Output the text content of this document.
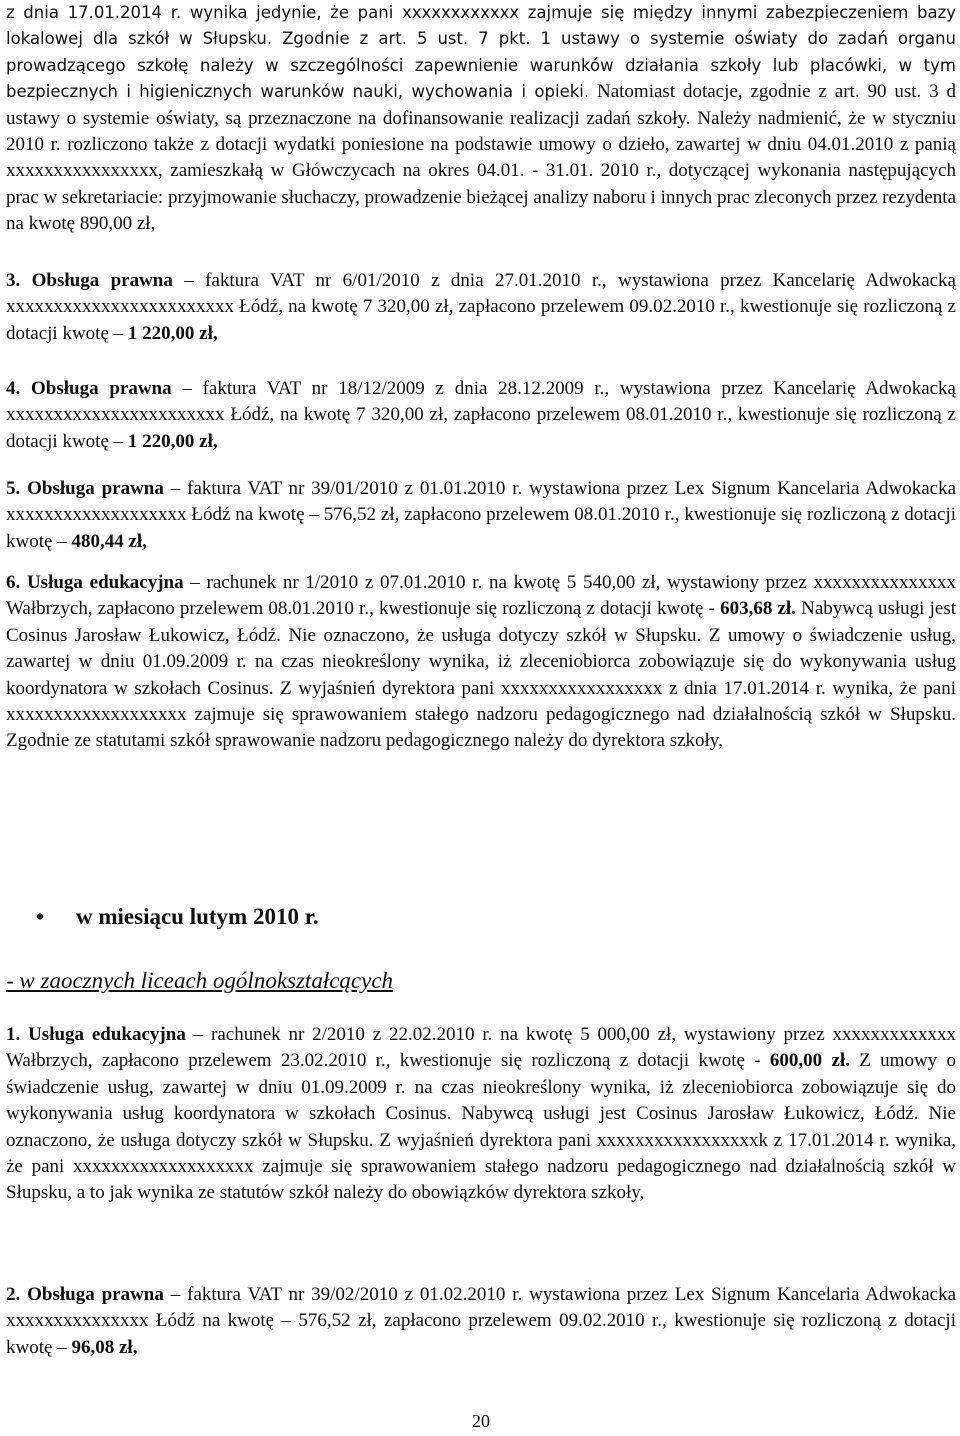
z dnia 17.01.2014 r. wynika jedynie, że pani xxxxxxxxxxxx zajmuje się między innymi zabezpieczeniem bazy lokalowej dla szkół w Słupsku. Zgodnie z art. 5 ust. 7 pkt. 1 ustawy o systemie oświaty do zadań organu prowadzącego szkołę należy w szczególności zapewnienie warunków działania szkoły lub placówki, w tym bezpiecznych i higienicznych warunków nauki, wychowania i opieki. Natomiast dotacje, zgodnie z art. 90 ust. 3 d ustawy o systemie oświaty, są przeznaczone na dofinansowanie realizacji zadań szkoły. Należy nadmienić, że w styczniu 2010 r. rozliczono także z dotacji wydatki poniesione na podstawie umowy o dzieło, zawartej w dniu 04.01.2010 z panią xxxxxxxxxxxxxxxx, zamieszkałą w Główczycach na okres 04.01. - 31.01. 2010 r., dotyczącej wykonania następujących prac w sekretariacie: przyjmowanie słuchaczy, prowadzenie bieżącej analizy naboru i innych prac zleconych przez rezydenta na kwotę 890,00 zł,

3. Obsługa prawna – faktura VAT nr 6/01/2010 z dnia 27.01.2010 r., wystawiona przez Kancelarię Adwokacką xxxxxxxxxxxxxxxxxxxxxxxx Łódź, na kwotę 7 320,00 zł, zapłacono przelewem 09.02.2010 r., kwestionuje się rozliczoną z dotacji kwotę – 1 220,00 zł,

4. Obsługa prawna – faktura VAT nr 18/12/2009 z dnia 28.12.2009 r., wystawiona przez Kancelarię Adwokacką xxxxxxxxxxxxxxxxxxxxxxx Łódź, na kwotę 7 320,00 zł, zapłacono przelewem 08.01.2010 r., kwestionuje się rozliczoną z dotacji kwotę – 1 220,00 zł,

5. Obsługa prawna – faktura VAT nr 39/01/2010 z 01.01.2010 r. wystawiona przez Lex Signum Kancelaria Adwokacka xxxxxxxxxxxxxxxxxxx Łódź na kwotę – 576,52 zł, zapłacono przelewem 08.01.2010 r., kwestionuje się rozliczoną z dotacji kwotę – 480,44 zł,

6. Usługa edukacyjna – rachunek nr 1/2010 z 07.01.2010 r. na kwotę 5 540,00 zł, wystawiony przez xxxxxxxxxxxxxxx Wałbrzych, zapłacono przelewem 08.01.2010 r., kwestionuje się rozliczoną z dotacji kwotę - 603,68 zł. Nabywcą usługi jest Cosinus Jarosław Łukowicz, Łódź. Nie oznaczono, że usługa dotyczy szkół w Słupsku. Z umowy o świadczenie usług, zawartej w dniu 01.09.2009 r. na czas nieokreślony wynika, iż zleceniobiorca zobowiązuje się do wykonywania usług koordynatora w szkołach Cosinus. Z wyjaśnień dyrektora pani xxxxxxxxxxxxxxxxx z dnia 17.01.2014 r. wynika, że pani xxxxxxxxxxxxxxxxxxx zajmuje się sprawowaniem stałego nadzoru pedagogicznego nad działalnością szkół w Słupsku. Zgodnie ze statutami szkół sprawowanie nadzoru pedagogicznego należy do dyrektora szkoły,

• w miesiącu lutym 2010 r.
- w zaocznych liceach ogólnokształcących

1. Usługa edukacyjna – rachunek nr 2/2010 z 22.02.2010 r. na kwotę 5 000,00 zł, wystawiony przez xxxxxxxxxxxxx Wałbrzych, zapłacono przelewem 23.02.2010 r., kwestionuje się rozliczoną z dotacji kwotę - 600,00 zł. Z umowy o świadczenie usług, zawartej w dniu 01.09.2009 r. na czas nieokreślony wynika, iż zleceniobiorca zobowiązuje się do wykonywania usług koordynatora w szkołach Cosinus. Nabywcą usługi jest Cosinus Jarosław Łukowicz, Łódź. Nie oznaczono, że usługa dotyczy szkół w Słupsku. Z wyjaśnień dyrektora pani xxxxxxxxxxxxxxxxxk z 17.01.2014 r. wynika, że pani xxxxxxxxxxxxxxxxxxx zajmuje się sprawowaniem stałego nadzoru pedagogicznego nad działalnością szkół w Słupsku, a to jak wynika ze statutów szkół należy do obowiązków dyrektora szkoły,

2. Obsługa prawna – faktura VAT nr 39/02/2010 z 01.02.2010 r. wystawiona przez Lex Signum Kancelaria Adwokacka xxxxxxxxxxxxxxx Łódź na kwotę – 576,52 zł, zapłacono przelewem 09.02.2010 r., kwestionuje się rozliczoną z dotacji kwotę – 96,08 zł,

20
